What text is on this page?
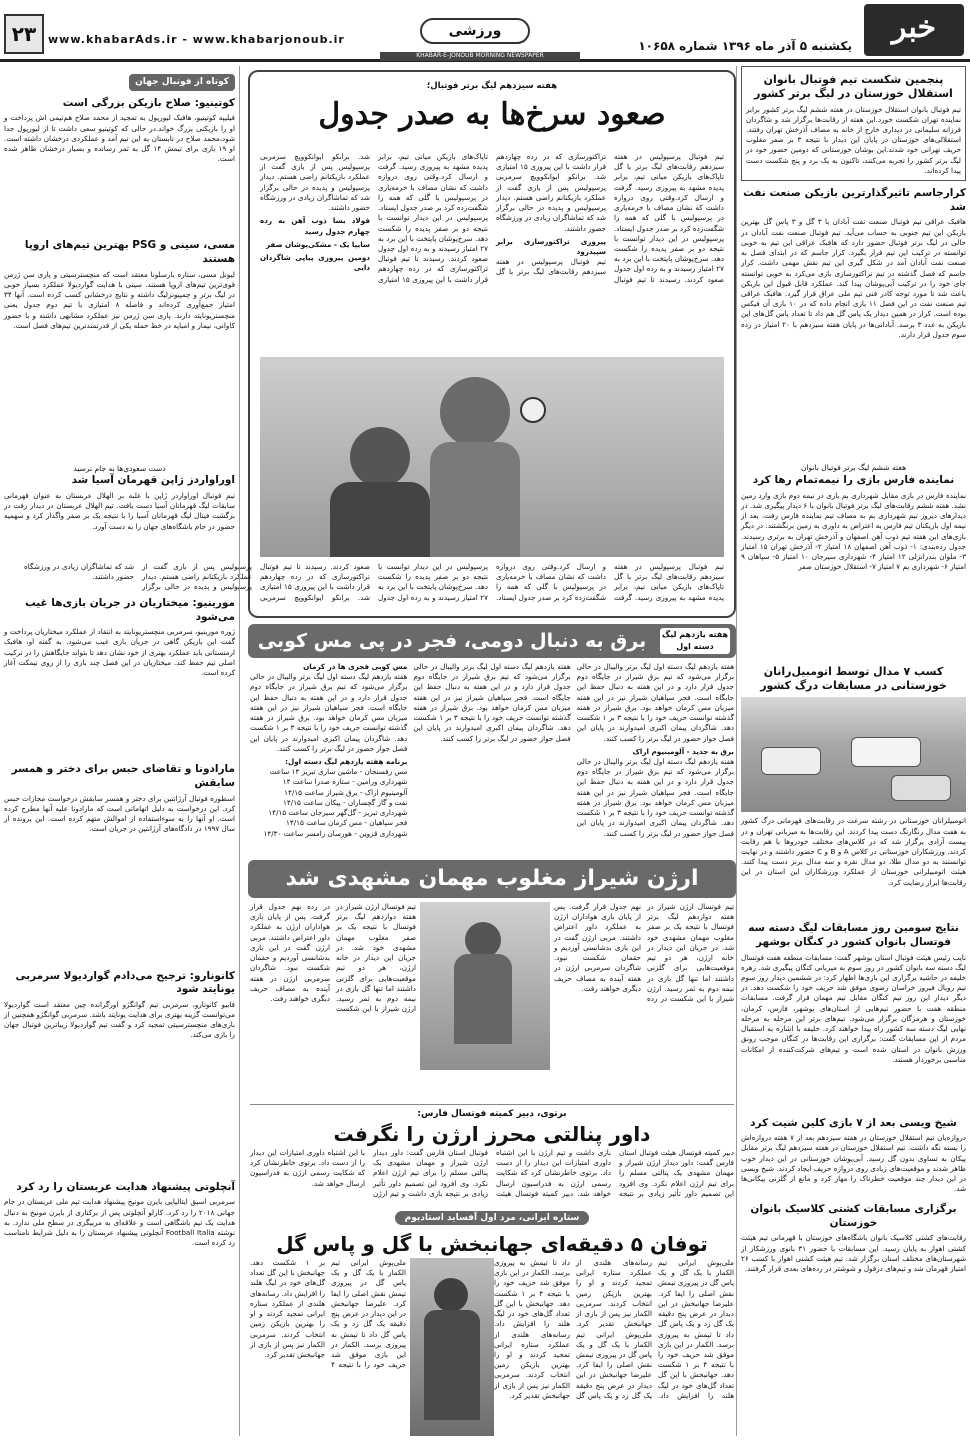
خبر
یکشنبه ۵ آذر ماه ۱۳۹۶ شماره ۱۰۶۵۸
ورزشی
www.khabarAds.ir - www.khabarjonoub.ir
۲۳
KHABAR-E-JONOUB MORNING NEWSPAPER
پنجمین شکست تیم فوتبال بانوان استقلال خوزستان در لیگ برتر کشور
تیم فوتبال بانوان استقلال خوزستان در هفته ششم لیگ برتر کشور برابر نماینده تهران شکست خورد.این هفته از رقابت‌ها برگزار شد و شاگردان فرزانه سلیمانی در دیداری خارج از خانه به مصاف آذرخش تهران رفتند. استقلالی‌های خوزستان در پایان این دیدار با نتیجه ۳ بر صفر مغلوب حریف تهرانی خود شدند.این بوشان خوزستانی که دومین حضور خود در لیگ برتر کشور را تجربه می‌کنند، تاکنون به یک برد و پنج شکست دست پیدا کرده‌اند.
کرارجاسم تاثیرگذارترین بازیکن صنعت نفت شد
هافبک عراقی تیم فوتبال صنعت نفت آبادان با ۳ گل و ۳ پاس گل بهترین بازیکن این تیم جنوبی به حساب می‌آید. تیم فوتبال صنعت نفت آبادان در حالی در لیگ برتر فوتبال حضور دارد که هافبک عراقی این تیم به خوبی توانسته در ترکیب این تیم قرار بگیرد. کرار جاسم که در ابتدای فصل به صنعت نفت آبادان آمد در شکل گیری این تیم نقش مهمی داشت. کرار جاسم که فصل گذشته در تیم تراکتورسازی بازی می‌کرد به خوبی توانسته جای خود را در ترکیب آبی‌پوشان پیدا کند. عملکرد قابل قبول این بازیکن باعث شد تا مورد توجه کادر فنی تیم ملی عراق قرار گیرد. هافبک عراقی تیم صنعت نفت در این فصل ۱۱ بازی انجام داده که در ۱۰ بازی آن فیکس بوده است. کرار در همین دیدار یک پاس گل هم داد تا تعداد پاس گل‌های این بازیکن به عدد ۳ برسد. آبادانی‌ها در پایان هفته سیزدهم با ۲۰ امتیاز در رده سوم جدول قرار دارند.
هفته ششم لیگ برتر فوتبال بانوان
نماینده فارس بازی را نیمه‌تمام رها کرد
نماینده فارس در بازی مقابل شهرداری بم بازی در نیمه دوم بازی وارد زمین نشد. هفته ششم رقابت‌های لیگ برتر فوتبال بانوان با ۶ دیدار پیگیری شد. در دیدارهای دیروز تیم شهرداری بم به مصاف تیم نماینده فارس رفت. بعد از نیمه اول بازیکنان تیم فارس به اعتراض به داوری به زمین برنگشتند. در دیگر بازی‌های این هفته تیم ذوب آهن اصفهان و آذرخش تهران به برتری رسیدند. جدول رده‌بندی: ۱- ذوب آهن اصفهان ۱۸ امتیاز ۲- آذرخش تهران ۱۵ امتیاز ۳- ملوان بندرانزلی ۱۲ امتیاز ۴- شهرداری سیرجان ۱۰ امتیاز ۵- سپاهان ۹ امتیاز ۶- شهرداری بم ۷ امتیاز ۷- استقلال خوزستان صفر
کسب ۷ مدال توسط اتومبیل‌رانان خوزستانی در مسابقات درگ کشور
اتومبیلرانان خوزستانی در رشته سرعت در رقابت‌های قهرمانی درگ کشور به هفت مدال رنگارنگ دست پیدا کردند. این رقابت‌ها به میزبانی تهران و در پیست آزادی برگزار شد که در کلاس‌های مختلف خودروها با هم رقابت کردند. ورزشکاران خوزستانی در کلاس A و B و C حضور داشتند و در نهایت توانستند به دو مدال طلا، دو مدال نقره و سه مدال برنز دست پیدا کنند. هیئت اتومبیلرانی خوزستان از عملکرد ورزشکاران این استان در این رقابت‌ها ابراز رضایت کرد.
نتایج سومین روز مسابقات لیگ دسته سه فوتسال بانوان کشور در کنگان بوشهر
نایب رئیس هیئت فوتبال استان بوشهر گفت: مسابقات منطقه هفت فوتسال لیگ دسته سه بانوان کشور در روز سوم به میزبانی کنگان پیگیری شد. زهره خلیفه در حاشیه برگزاری این بازی‌ها اظهار کرد: در ششمین دیدار روز سوم تیم رویال فیروز خراسان رضوی موفق شد حریف خود را شکست دهد. در دیگر دیدار این روز تیم کنگان مقابل تیم مهمان قرار گرفت. مسابقات منطقه هفت با حضور تیم‌هایی از استان‌های بوشهر، فارس، کرمان، خوزستان و هرمزگان برگزار می‌شود. تیم‌های برتر این مرحله به مرحله نهایی لیگ دسته سه کشور راه پیدا خواهند کرد. خلیفه با اشاره به استقبال مردم از این مسابقات گفت: برگزاری این رقابت‌ها در کنگان موجب رونق ورزش بانوان در استان شده است و تیم‌های شرکت‌کننده از امکانات مناسبی برخوردار هستند.
شیخ ویسی بعد از ۷ بازی کلین شیت کرد
دروازه‌بان تیم استقلال خوزستان در هفته سیزدهم بعد از ۷ هفته دروازه‌اش را بسته نگه داشت. تیم استقلال خوزستان در هفته سیزدهم لیگ برتر مقابل پیکان به تساوی بدون گل رسید. آبی‌پوشان خوزستانی در این دیدار خوب ظاهر شدند و موقعیت‌های زیادی روی دروازه حریف ایجاد کردند. شیخ ویسی در این دیدار چند موقعیت خطرناک را مهار کرد و مانع از گلزنی پیکانی‌ها شد.
برگزاری مسابقات کشتی کلاسیک بانوان خوزستان
رقابت‌های کشتی کلاسیک بانوان باشگاه‌های خوزستان با قهرمانی تیم هیئت کشتی اهواز به پایان رسید. این مسابقات با حضور ۳۱ بانوی ورزشکار از شهرستان‌های مختلف استان برگزار شد. تیم هیئت کشتی اهواز با کسب ۲۶ امتیاز قهرمان شد و تیم‌های دزفول و شوشتر در رده‌های بعدی قرار گرفتند.
هفته سیزدهم لیگ برتر فوتبال؛
صعود سرخ‌ها به صدر جدول
تیم فوتبال پرسپولیس در هفته سیزدهم رقابت‌های لیگ برتر با گل تاپاک‌های بازیکن میانی تیم، برابر پدیده مشهد به پیروزی رسید. گرفت و ارسال کرد.وقتی روی دروازه داشت که نشان مصاف با خرمه‌یاری در پرسپولیس با گلی که همه را شگفت‌زده کرد بر صدر جدول ایستاد. پرسپولیس در این دیدار توانست با نتیجه دو بر صفر پدیده را شکست دهد. سرخ‌پوشان پایتخت با این برد به ۲۷ امتیاز رسیدند و به رده اول جدول صعود کردند. رسیدند تا تیم فوتبال تراکتورسازی که در رده چهاردهم قرار داشت با این پیروزی ۱۵ امتیازی شد. برانکو ایوانکوویچ سرمربی پرسپولیس پس از بازی گفت از عملکرد بازیکنانم راضی هستم. دیدار پرسپولیس و پدیده در حالی برگزار شد که تماشاگران زیادی در ورزشگاه حضور داشتند.
پیروزی تراکتورسازی برابر سپیدرود
تیم فوتبال پرسپولیس در هفته سیزدهم رقابت‌های لیگ برتر با گل تاپاک‌های بازیکن میانی تیم، برابر پدیده مشهد به پیروزی رسید. گرفت و ارسال کرد.وقتی روی دروازه داشت که نشان مصاف با خرمه‌یاری در پرسپولیس با گلی که همه را شگفت‌زده کرد بر صدر جدول ایستاد. پرسپولیس در این دیدار توانست با نتیجه دو بر صفر پدیده را شکست دهد. سرخ‌پوشان پایتخت با این برد به ۲۷ امتیاز رسیدند و به رده اول جدول صعود کردند. رسیدند تا تیم فوتبال تراکتورسازی که در رده چهاردهم قرار داشت با این پیروزی ۱۵ امتیازی شد. برانکو ایوانکوویچ سرمربی پرسپولیس پس از بازی گفت از عملکرد بازیکنانم راضی هستم. دیدار پرسپولیس و پدیده در حالی برگزار شد که تماشاگران زیادی در ورزشگاه حضور داشتند.
فولاد بسا ذوب آهن به رده چهارم جدول رسید
سایپا یک - مشکی‌پوشان صفر
دومین پیروزی پیاپی شاگردان دایی
تیم فوتبال پرسپولیس در هفته سیزدهم رقابت‌های لیگ برتر با گل تاپاک‌های بازیکن میانی تیم، برابر پدیده مشهد به پیروزی رسید. گرفت و ارسال کرد.وقتی روی دروازه داشت که نشان مصاف با خرمه‌یاری در پرسپولیس با گلی که همه را شگفت‌زده کرد بر صدر جدول ایستاد. پرسپولیس در این دیدار توانست با نتیجه دو بر صفر پدیده را شکست دهد. سرخ‌پوشان پایتخت با این برد به ۲۷ امتیاز رسیدند و به رده اول جدول صعود کردند. رسیدند تا تیم فوتبال تراکتورسازی که در رده چهاردهم قرار داشت با این پیروزی ۱۵ امتیازی شد. برانکو ایوانکوویچ سرمربی پرسپولیس پس از بازی گفت از عملکرد بازیکنانم راضی هستم. دیدار پرسپولیس و پدیده در حالی برگزار شد که تماشاگران زیادی در ورزشگاه حضور داشتند.
هفته یازدهم لیگ دسته اول
برق به دنبال دومی، فجر در پی مس کوبی
هفته یازدهم لیگ دسته اول لیگ برتر والیبال در حالی برگزار می‌شود که تیم برق شیراز در جایگاه دوم جدول قرار دارد و در این هفته به دنبال حفظ این جایگاه است. فجر سپاهیان شیراز نیز در این هفته میزبان مس کرمان خواهد بود. برق شیراز در هفته گذشته توانست حریف خود را با نتیجه ۳ بر ۱ شکست دهد. شاگردان پیمان اکبری امیدوارند در پایان این فصل جواز حضور در لیگ برتر را کسب کنند.
برق به جدید - آلومینیوم اراک
هفته یازدهم لیگ دسته اول لیگ برتر والیبال در حالی برگزار می‌شود که تیم برق شیراز در جایگاه دوم جدول قرار دارد و در این هفته به دنبال حفظ این جایگاه است. فجر سپاهیان شیراز نیز در این هفته میزبان مس کرمان خواهد بود. برق شیراز در هفته گذشته توانست حریف خود را با نتیجه ۳ بر ۱ شکست دهد. شاگردان پیمان اکبری امیدوارند در پایان این فصل جواز حضور در لیگ برتر را کسب کنند.
هفته یازدهم لیگ دسته اول لیگ برتر والیبال در حالی برگزار می‌شود که تیم برق شیراز در جایگاه دوم جدول قرار دارد و در این هفته به دنبال حفظ این جایگاه است. فجر سپاهیان شیراز نیز در این هفته میزبان مس کرمان خواهد بود. برق شیراز در هفته گذشته توانست حریف خود را با نتیجه ۳ بر ۱ شکست دهد. شاگردان پیمان اکبری امیدوارند در پایان این فصل جواز حضور در لیگ برتر را کسب کنند.
مس کوبی فجری ها در کرمان
هفته یازدهم لیگ دسته اول لیگ برتر والیبال در حالی برگزار می‌شود که تیم برق شیراز در جایگاه دوم جدول قرار دارد و در این هفته به دنبال حفظ این جایگاه است. فجر سپاهیان شیراز نیز در این هفته میزبان مس کرمان خواهد بود. برق شیراز در هفته گذشته توانست حریف خود را با نتیجه ۳ بر ۱ شکست دهد. شاگردان پیمان اکبری امیدوارند در پایان این فصل جواز حضور در لیگ برتر را کسب کنند.
برنامه هفته یازدهم لیگ دسته اول:
مس رفسنجان - ماشین سازی تبریز ۱۴ ساعت
شهرداری ورامین - ستاره صدرا ساعت ۱۴
آلومینیوم اراک - برق شیراز ساعت ۱۴/۱۵
نفت و گاز گچساران - پیکان ساعت ۱۴/۱۵
شهرداری تبریز - گل‌گهر سیرجان ساعت ۱۴/۱۵
فجر سپاهیان - مس کرمان ساعت ۱۴/۱۵
شهرداری قزوین - هورسان رامسر ساعت ۱۴/۳۰
ارژن شیراز مغلوب مهمان مشهدی شد
تیم فوتسال ارژن شیراز در هفته دوازدهم لیگ برتر فوتسال با نتیجه یک بر صفر مغلوب مهمان مشهدی خود شد. در جریان این دیدار در خانه ارژن، هر دو تیم موقعیت‌هایی برای گلزنی داشتند اما تنها گل بازی در نیمه دوم به ثمر رسید. ارژن شیراز با این شکست در رده نهم جدول قرار گرفت. پس از پایان بازی هواداران ارژن به عملکرد داور اعتراض داشتند. مربی ارژن گفت در این بازی بدشانسی آوردیم و حقمان شکست نبود. شاگردان سرمربی ارژن در هفته آینده به مصاف حریف دیگری خواهند رفت.
تیم فوتسال ارژن شیراز در هفته دوازدهم لیگ برتر فوتسال با نتیجه یک بر صفر مغلوب مهمان مشهدی خود شد. در جریان این دیدار در خانه ارژن، هر دو تیم موقعیت‌هایی برای گلزنی داشتند اما تنها گل بازی در نیمه دوم به ثمر رسید. ارژن شیراز با این شکست در رده نهم جدول قرار گرفت. پس از پایان بازی هواداران ارژن به عملکرد داور اعتراض داشتند. مربی ارژن گفت در این بازی بدشانسی آوردیم و حقمان شکست نبود. شاگردان سرمربی ارژن در هفته آینده به مصاف حریف دیگری خواهند رفت.
برتوی، دبیر کمیته فوتسال فارس:
داور پنالتی محرز ارژن را نگرفت
دبیر کمیته فوتسال هیئت فوتبال استان فارس گفت: داور دیدار ارژن شیراز و مهمان مشهدی یک پنالتی مسلم را برای تیم ارژن اعلام نکرد. وی افزود این تصمیم داور تأثیر زیادی بر نتیجه بازی داشت و تیم ارژن با این اشتباه داوری امتیازات این دیدار را از دست داد. برتوی خاطرنشان کرد که شکایت رسمی ارژن به فدراسیون ارسال خواهد شد. دبیر کمیته فوتسال هیئت فوتبال استان فارس گفت: داور دیدار ارژن شیراز و مهمان مشهدی یک پنالتی مسلم را برای تیم ارژن اعلام نکرد. وی افزود این تصمیم داور تأثیر زیادی بر نتیجه بازی داشت و تیم ارژن با این اشتباه داوری امتیازات این دیدار را از دست داد. برتوی خاطرنشان کرد که شکایت رسمی ارژن به فدراسیون ارسال خواهد شد.
ستاره ایرانی، مرد اول آفساید استادیوم
توفان ۵ دقیقه‌ای جهانبخش با گل و پاس گل
ملی‌پوش ایرانی تیم الکمار با یک گل و یک پاس گل در پیروزی تیمش نقش اصلی را ایفا کرد. علیرضا جهانبخش در این دیدار در عرض پنج دقیقه یک گل زد و یک پاس گل داد تا تیمش به پیروزی برسد. الکمار در این بازی موفق شد حریف خود را با نتیجه ۴ بر ۱ شکست دهد. جهانبخش با این گل تعداد گل‌های خود در لیگ هلند را افزایش داد. رسانه‌های هلندی از عملکرد ستاره ایرانی تمجید کردند و او را بهترین بازیکن زمین انتخاب کردند. سرمربی الکمار نیز پس از بازی از جهانبخش تقدیر کرد. ملی‌پوش ایرانی تیم الکمار با یک گل و یک پاس گل در پیروزی تیمش نقش اصلی را ایفا کرد. علیرضا جهانبخش در این دیدار در عرض پنج دقیقه یک گل زد و یک پاس گل داد تا تیمش به پیروزی برسد. الکمار در این بازی موفق شد حریف خود را با نتیجه ۴ بر ۱ شکست دهد. جهانبخش با این گل تعداد گل‌های خود در لیگ هلند را افزایش داد. رسانه‌های هلندی از عملکرد ستاره ایرانی تمجید کردند و او را بهترین بازیکن زمین انتخاب کردند. سرمربی الکمار نیز پس از بازی از جهانبخش تقدیر کرد.
ملی‌پوش ایرانی تیم الکمار با یک گل و یک پاس گل در پیروزی تیمش نقش اصلی را ایفا کرد. علیرضا جهانبخش در این دیدار در عرض پنج دقیقه یک گل زد و یک پاس گل داد تا تیمش به پیروزی برسد. الکمار در این بازی موفق شد حریف خود را با نتیجه ۴ بر ۱ شکست دهد. جهانبخش با این گل تعداد گل‌های خود در لیگ هلند را افزایش داد. رسانه‌های هلندی از عملکرد ستاره ایرانی تمجید کردند و او را بهترین بازیکن زمین انتخاب کردند. سرمربی الکمار نیز پس از بازی از جهانبخش تقدیر کرد.
کوتاه از فوتبال جهان
کوتینیو: صلاح بازیکن بزرگی است
فیلیپه کوتینیو، هافبک لیورپول به تمجید از محمد صلاح هم‌تیمی اش پرداخت و او را بازیکنی بزرگ خواند.در حالی که کوتینیو سعی داشت تا از لیورپول جدا شود،محمد صلاح در تابستان به این تیم آمد و عملکردی درخشان داشته است. او ۱۹ بازی برای تیمش ۱۴ گل به ثمر رسانده و بسیار درخشان ظاهر شده است.
مسی، سینی و PSG بهترین تیم‌های اروپا هستند
لیونل مسی، ستاره بارسلونا معتقد است که منچسترسیتی و پاری سن ژرمن قوی‌ترین تیم‌های اروپا هستند. سیتی با هدایت گواردیولا عملکرد بسیار خوبی در لیگ برتر و چمپیونزلیگ داشته و نتایج درخشانی کسب کرده است. آنها ۳۴ امتیاز جمع‌آوری کرده‌اند و فاصله ۸ امتیازی با تیم دوم جدول یعنی منچستریونایتد دارند. پاری سن ژرمن نیز عملکرد مشابهی داشته و با حضور کاوانی، نیمار و امباپه در خط حمله یکی از قدرتمندترین تیم‌های فصل است.
دست سعودی‌ها به جام نرسید
اوراواردز ژاپن قهرمان آسیا شد
تیم فوتبال اوراواردز ژاپن با غلبه بر الهلال عربستان به عنوان قهرمانی سابقات لیگ قهرمانان آسیا دست یافت. تیم الهلال عربستان در دیدار رفت در برگشت فینال لیگ قهرمانان آسیا را با نتیجه یک بر صفر واگذار کرد و سهمیه حضور در جام باشگاه‌های جهان را به دست آورد.
مورینیو: میختاریان در جریان بازی‌ها غیب می‌شود
ژوزه مورینیو، سرمربی منچستریونایتد به انتقاد از عملکرد میختاریان پرداخت و گفت این بازیکن گاهی در جریان بازی غیب می‌شود. به گفته او، هافبک ارمنستانی باید عملکرد بهتری از خود نشان دهد تا بتواند جایگاهش را در ترکیب اصلی تیم حفظ کند. میختاریان در این فصل چند بازی را از روی نیمکت آغاز کرده است.
مارادونا و تقاضای حبس برای دختر و همسر سابقش
اسطوره فوتبال آرژانتین برای دختر و همسر سابقش درخواست مجازات حبس کرد. این درخواست به دلیل اتهاماتی است که مارادونا علیه آنها مطرح کرده است. او آنها را به سوءاستفاده از اموالش متهم کرده است. این پرونده از سال ۱۹۹۷ در دادگاه‌های آرژانتین در جریان است.
کانونارو: ترجیح می‌دادم گواردیولا سرمربی یونایتد شود
فابیو کانونارو، سرمربی تیم گوانگژو اورگرانده چین معتقد است گواردیولا می‌توانست گزینه بهتری برای هدایت یونایتد باشد. سرمربی گوانگژو همچنین از بازی‌های منچسترسیتی تمجید کرد و گفت تیم گواردیولا زیباترین فوتبال جهان را بازی می‌کند.
آنچلوتی پیشنهاد هدایت عربستان را رد کرد
سرمربی اسبق ایتالیایی بایرن مونیخ پیشنهاد هدایت تیم ملی عربستان در جام جهانی ۲۰۱۸ را رد کرد. کارلو آنچلوتی پس از برکناری از بایرن مونیخ به دنبال هدایت یک تیم باشگاهی است و علاقه‌ای به مربیگری در سطح ملی ندارد. به نوشته Football Italia آنچلوتی پیشنهاد عربستان را به دلیل شرایط نامناسب رد کرده است.
